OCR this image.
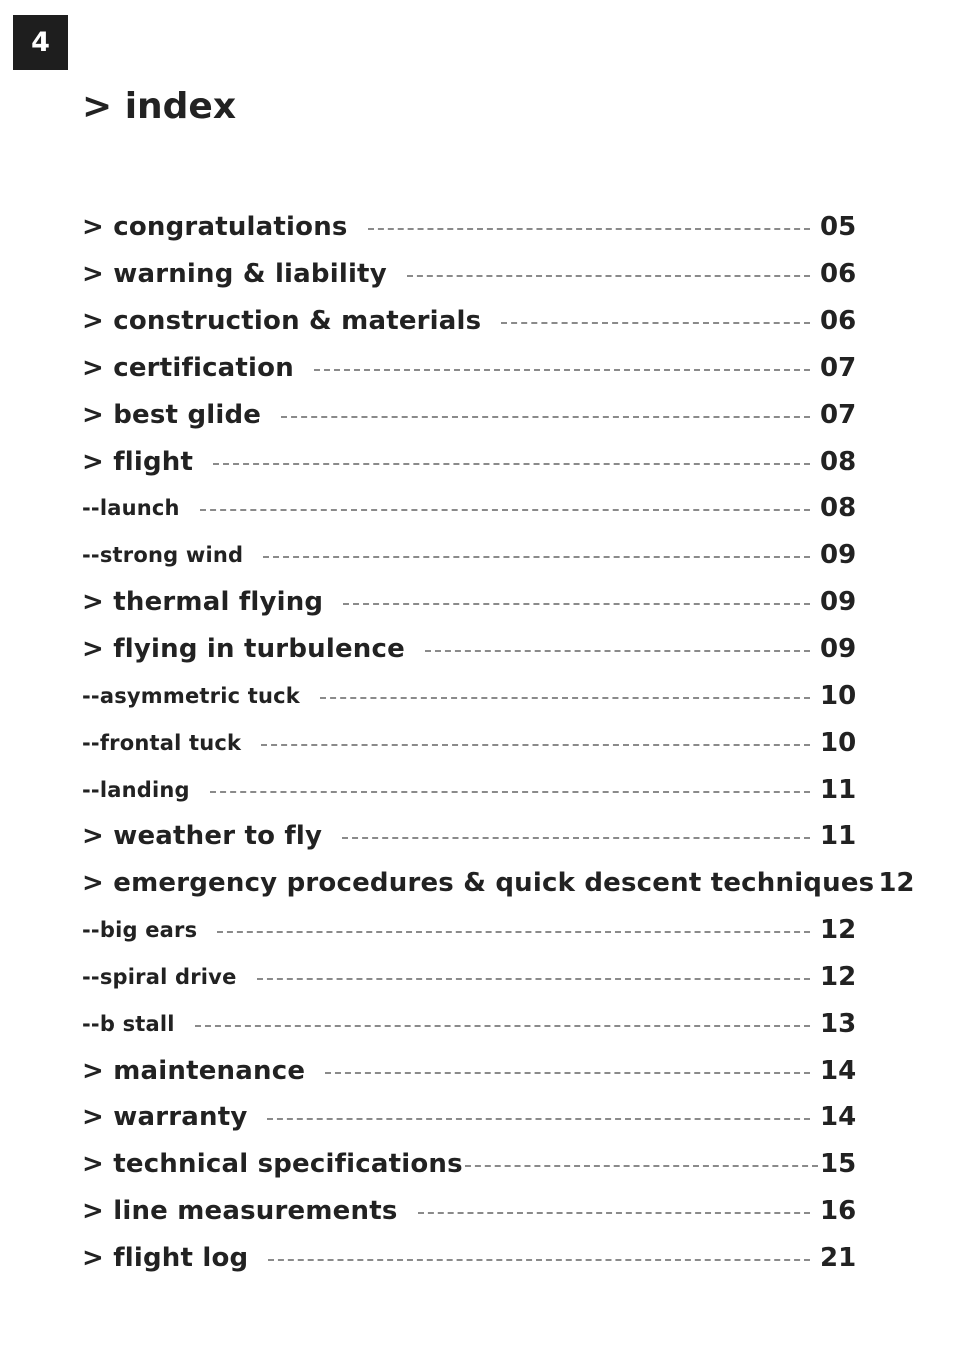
4
> index
> congratulations	05
> warning & liability	06
> construction & materials	06
> certification	07
> best glide	07
> flight	08
--launch	08
--strong wind	09
> thermal flying	09
> flying in turbulence	09
--asymmetric tuck	10
--frontal tuck	10
--landing	11
> weather to fly	11
> emergency procedures & quick descent techniques 12
--big ears	12
--spiral drive	12
--b stall	13
> maintenance	14
> warranty	14
> technical specifications	15
> line measurements	16
> flight log	21
